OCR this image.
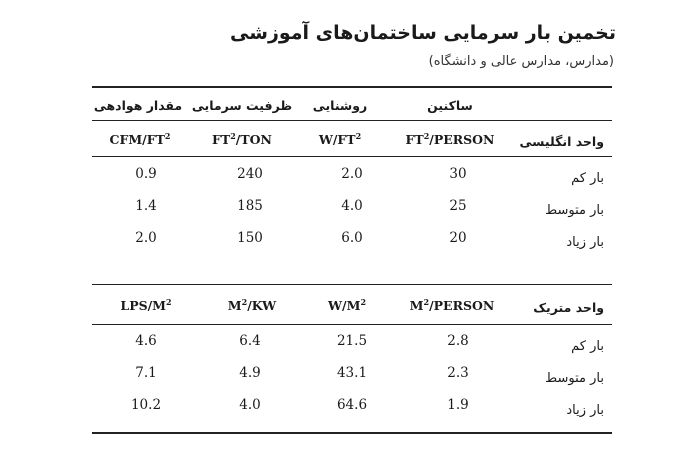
تخمین بار سرمایی ساختمان‌های آموزشی
(مدارس، مدارس عالی و دانشگاه)
ساکنین
روشنایی
ظرفیت سرمایی
مقدار هوادهی
واحد انگلیسی
$FT^2$/PERSON
$W/FT^2$
$FT^2$/TON
CFM/$FT^2$
بار کم
30
2.0
240
0.9
بار متوسط
25
4.0
185
1.4
بار زیاد
20
6.0
150
2.0
واحد متریک
$M^2$/PERSON
$W/M^2$
$M^2/KW$
LPS/$M^2$
بار کم
2.8
21.5
6.4
4.6
بار متوسط
2.3
43.1
4.9
7.1
بار زیاد
1.9
64.6
4.0
10.2
